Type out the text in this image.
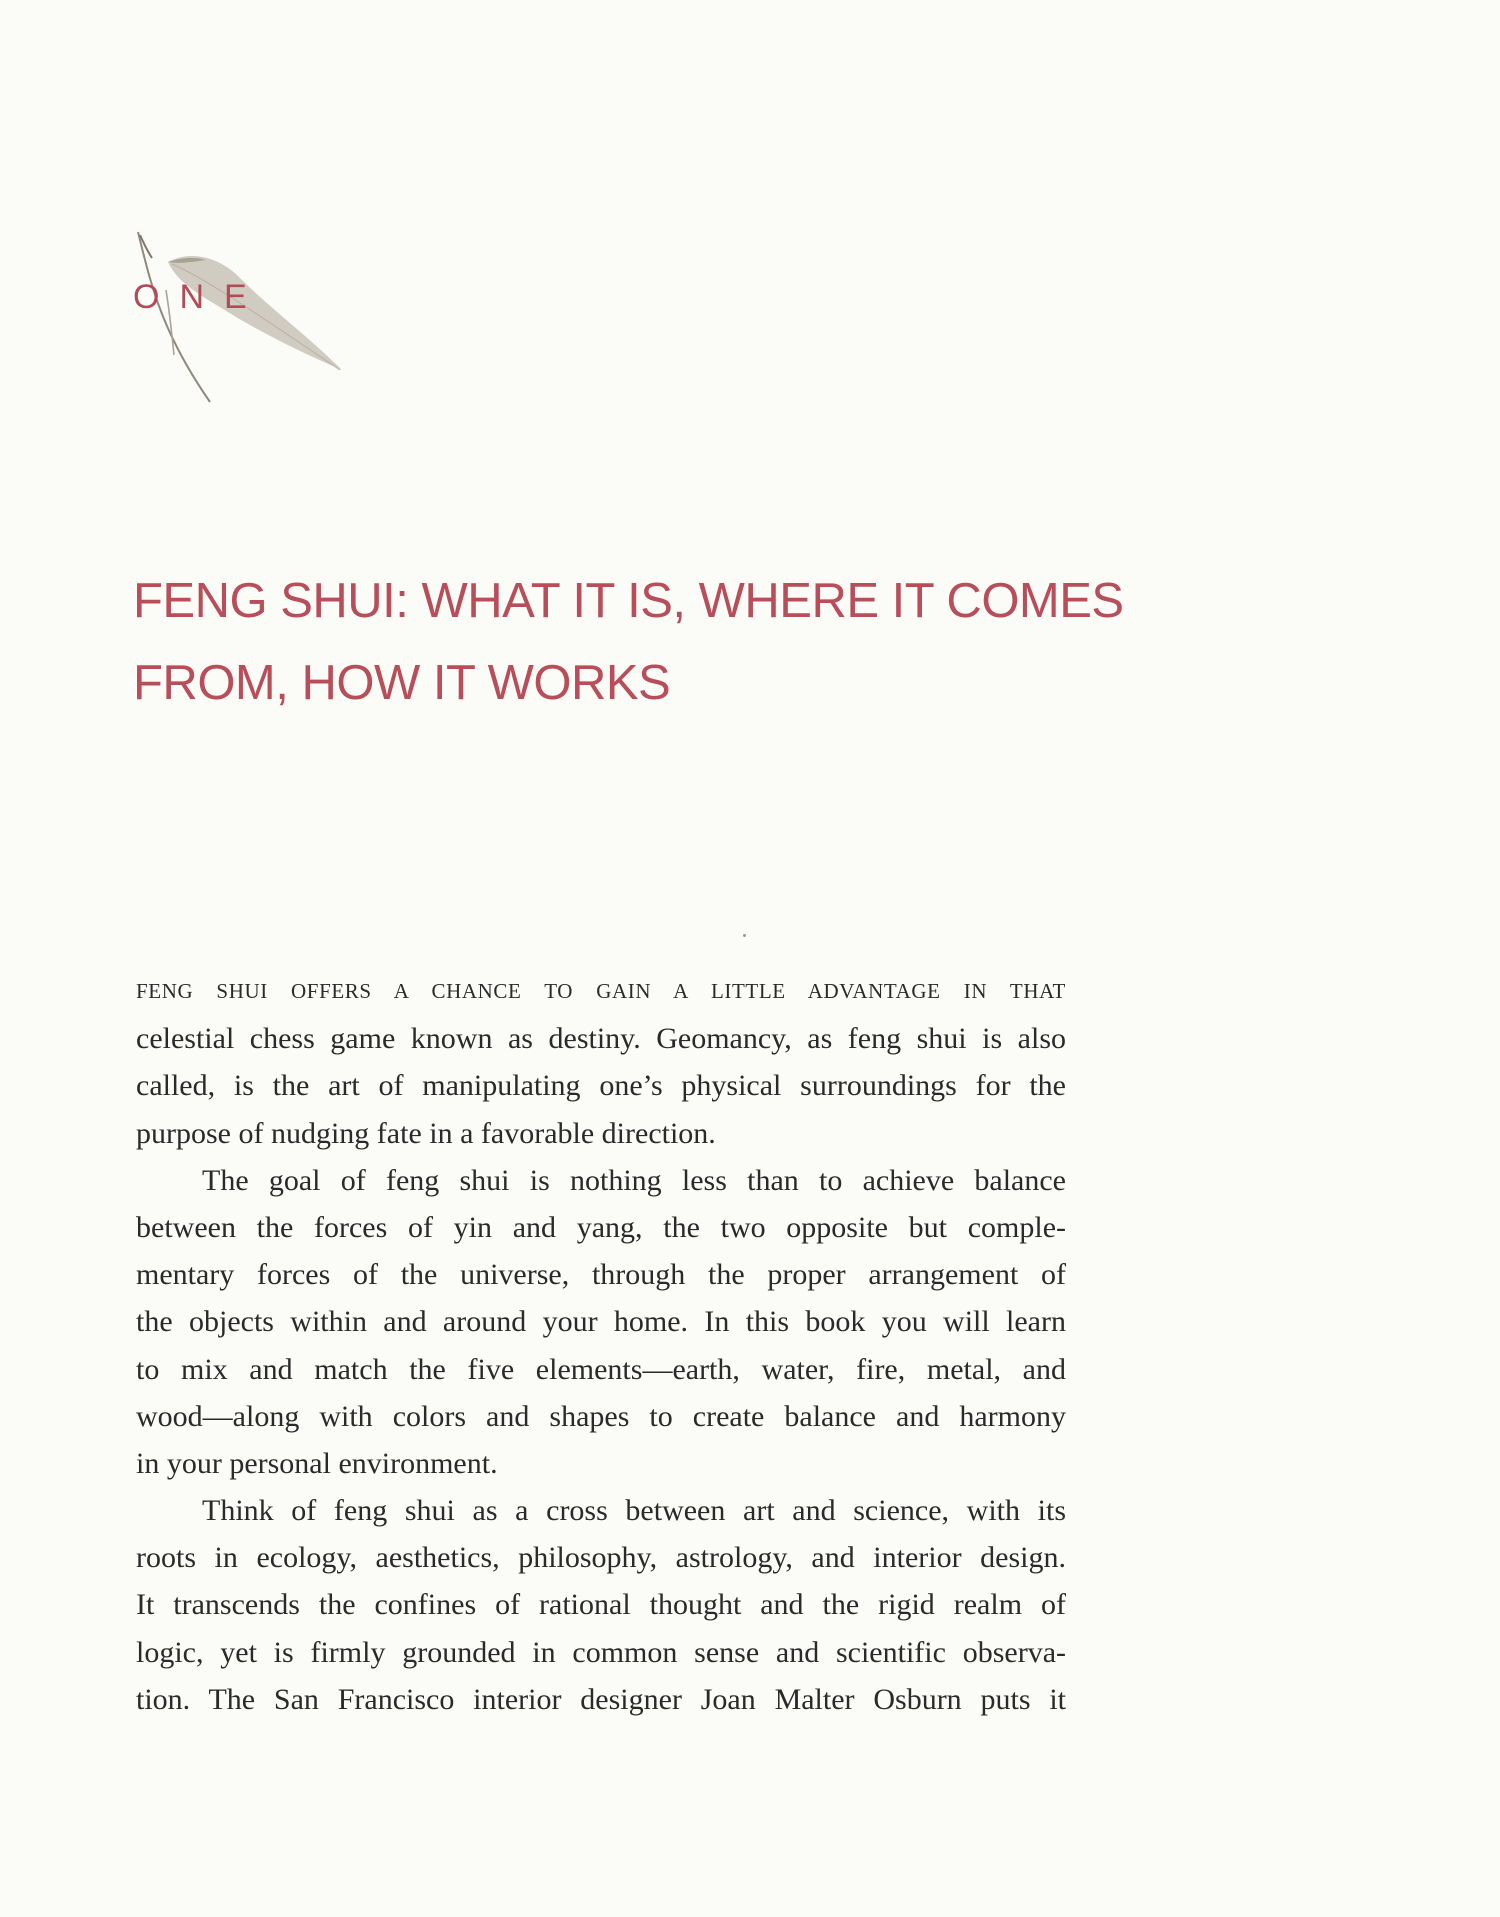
ONE
FENG SHUI: WHAT IT IS, WHERE IT COMES
FROM, HOW IT WORKS
FENG SHUI OFFERS A CHANCE TO GAIN A LITTLE ADVANTAGE IN THAT
celestial chess game known as destiny. Geomancy, as feng shui is also
called, is the art of manipulating one’s physical surroundings for the
purpose of nudging fate in a favorable direction.
The goal of feng shui is nothing less than to achieve balance
between the forces of yin and yang, the two opposite but comple-
mentary forces of the universe, through the proper arrangement of
the objects within and around your home. In this book you will learn
to mix and match the five elements—earth, water, fire, metal, and
wood—along with colors and shapes to create balance and harmony
in your personal environment.
Think of feng shui as a cross between art and science, with its
roots in ecology, aesthetics, philosophy, astrology, and interior design.
It transcends the confines of rational thought and the rigid realm of
logic, yet is firmly grounded in common sense and scientific observa-
tion. The San Francisco interior designer Joan Malter Osburn puts it
